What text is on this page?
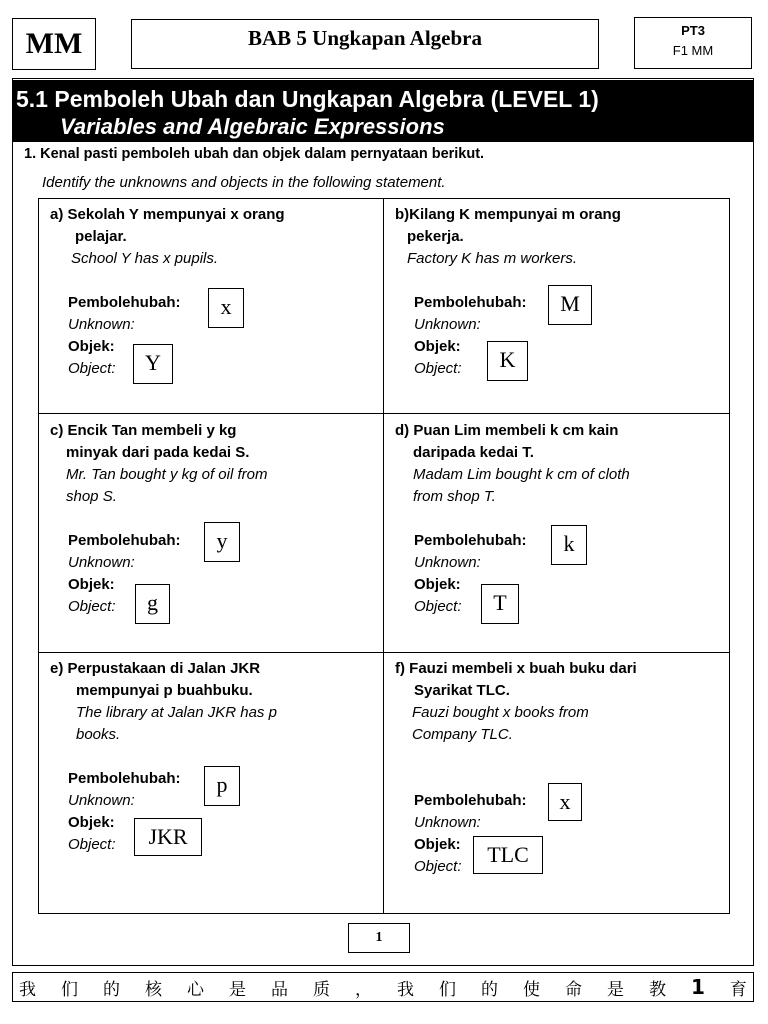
MM	BAB 5 Ungkapan Algebra	PT3
F1 MM
5.1 Pemboleh Ubah dan Ungkapan Algebra (LEVEL 1)
Variables and Algebraic Expressions
1. Kenal pasti pemboleh ubah dan objek dalam pernyataan berikut.
Identify the unknowns and objects in the following statement.
a) Sekolah Y mempunyai x orang
pelajar.
School Y has x pupils.
Pembolehubah:
Unknown:
Objek:
Object:
x
Y
b)Kilang K mempunyai m orang
pekerja.
Factory K has m workers.
Pembolehubah:
Unknown:
Objek:
Object:
M
K
c) Encik Tan membeli y kg
minyak dari pada kedai S.
Mr. Tan bought y kg of oil from
shop S.
Pembolehubah:
Unknown:
Objek:
Object:
y
g
d) Puan Lim membeli k cm kain
daripada kedai T.
Madam Lim bought k cm of cloth
from shop T.
Pembolehubah:
Unknown:
Objek:
Object:
k
T
e) Perpustakaan di Jalan JKR
mempunyai p buahbuku.
The library at Jalan JKR has p
books.
Pembolehubah:
Unknown:
Objek:
Object:
p
JKR
f) Fauzi membeli x buah buku dari
Syarikat TLC.
Fauzi bought x books from
Company TLC.
Pembolehubah:
Unknown:
Objek:
Object:
x
TLC
1
我 们 的 核 心 是 品 质 ， 我 们 的 使 命 是 教 1 育
